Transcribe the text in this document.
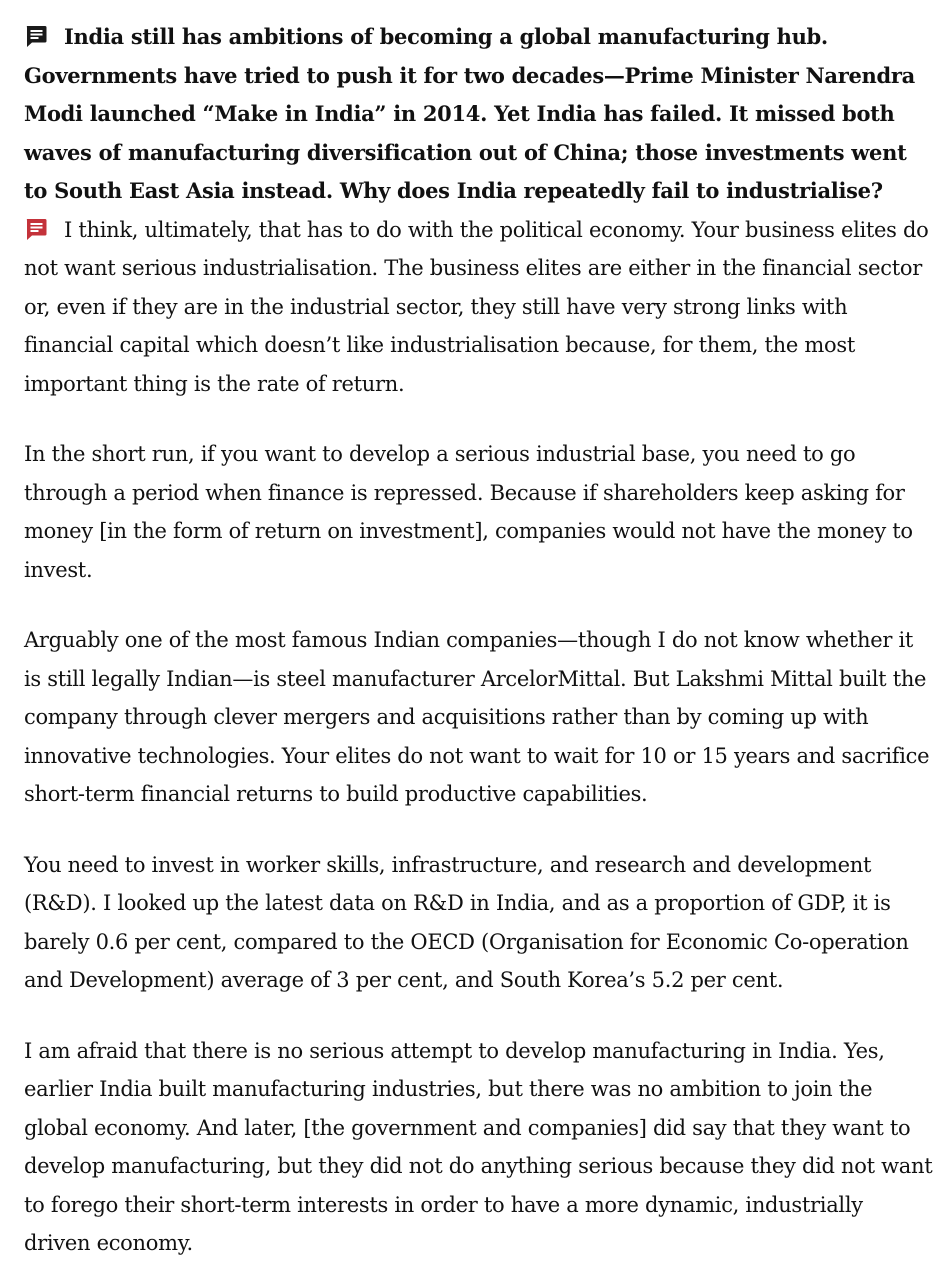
India still has ambitions of becoming a global manufacturing hub. Governments have tried to push it for two decades—Prime Minister Narendra Modi launched “Make in India” in 2014. Yet India has failed. It missed both waves of manufacturing diversification out of China; those investments went to South East Asia instead. Why does India repeatedly fail to industrialise?

I think, ultimately, that has to do with the political economy. Your business elites do not want serious industrialisation. The business elites are either in the financial sector or, even if they are in the industrial sector, they still have very strong links with financial capital which doesn’t like industrialisation because, for them, the most important thing is the rate of return.

In the short run, if you want to develop a serious industrial base, you need to go through a period when finance is repressed. Because if shareholders keep asking for money [in the form of return on investment], companies would not have the money to invest.

Arguably one of the most famous Indian companies—though I do not know whether it is still legally Indian—is steel manufacturer ArcelorMittal. But Lakshmi Mittal built the company through clever mergers and acquisitions rather than by coming up with innovative technologies. Your elites do not want to wait for 10 or 15 years and sacrifice short-term financial returns to build productive capabilities.

You need to invest in worker skills, infrastructure, and research and development (R&D). I looked up the latest data on R&D in India, and as a proportion of GDP, it is barely 0.6 per cent, compared to the OECD (Organisation for Economic Co-operation and Development) average of 3 per cent, and South Korea’s 5.2 per cent.

I am afraid that there is no serious attempt to develop manufacturing in India. Yes, earlier India built manufacturing industries, but there was no ambition to join the global economy. And later, [the government and companies] did say that they want to develop manufacturing, but they did not do anything serious because they did not want to forego their short-term interests in order to have a more dynamic, industrially driven economy.
